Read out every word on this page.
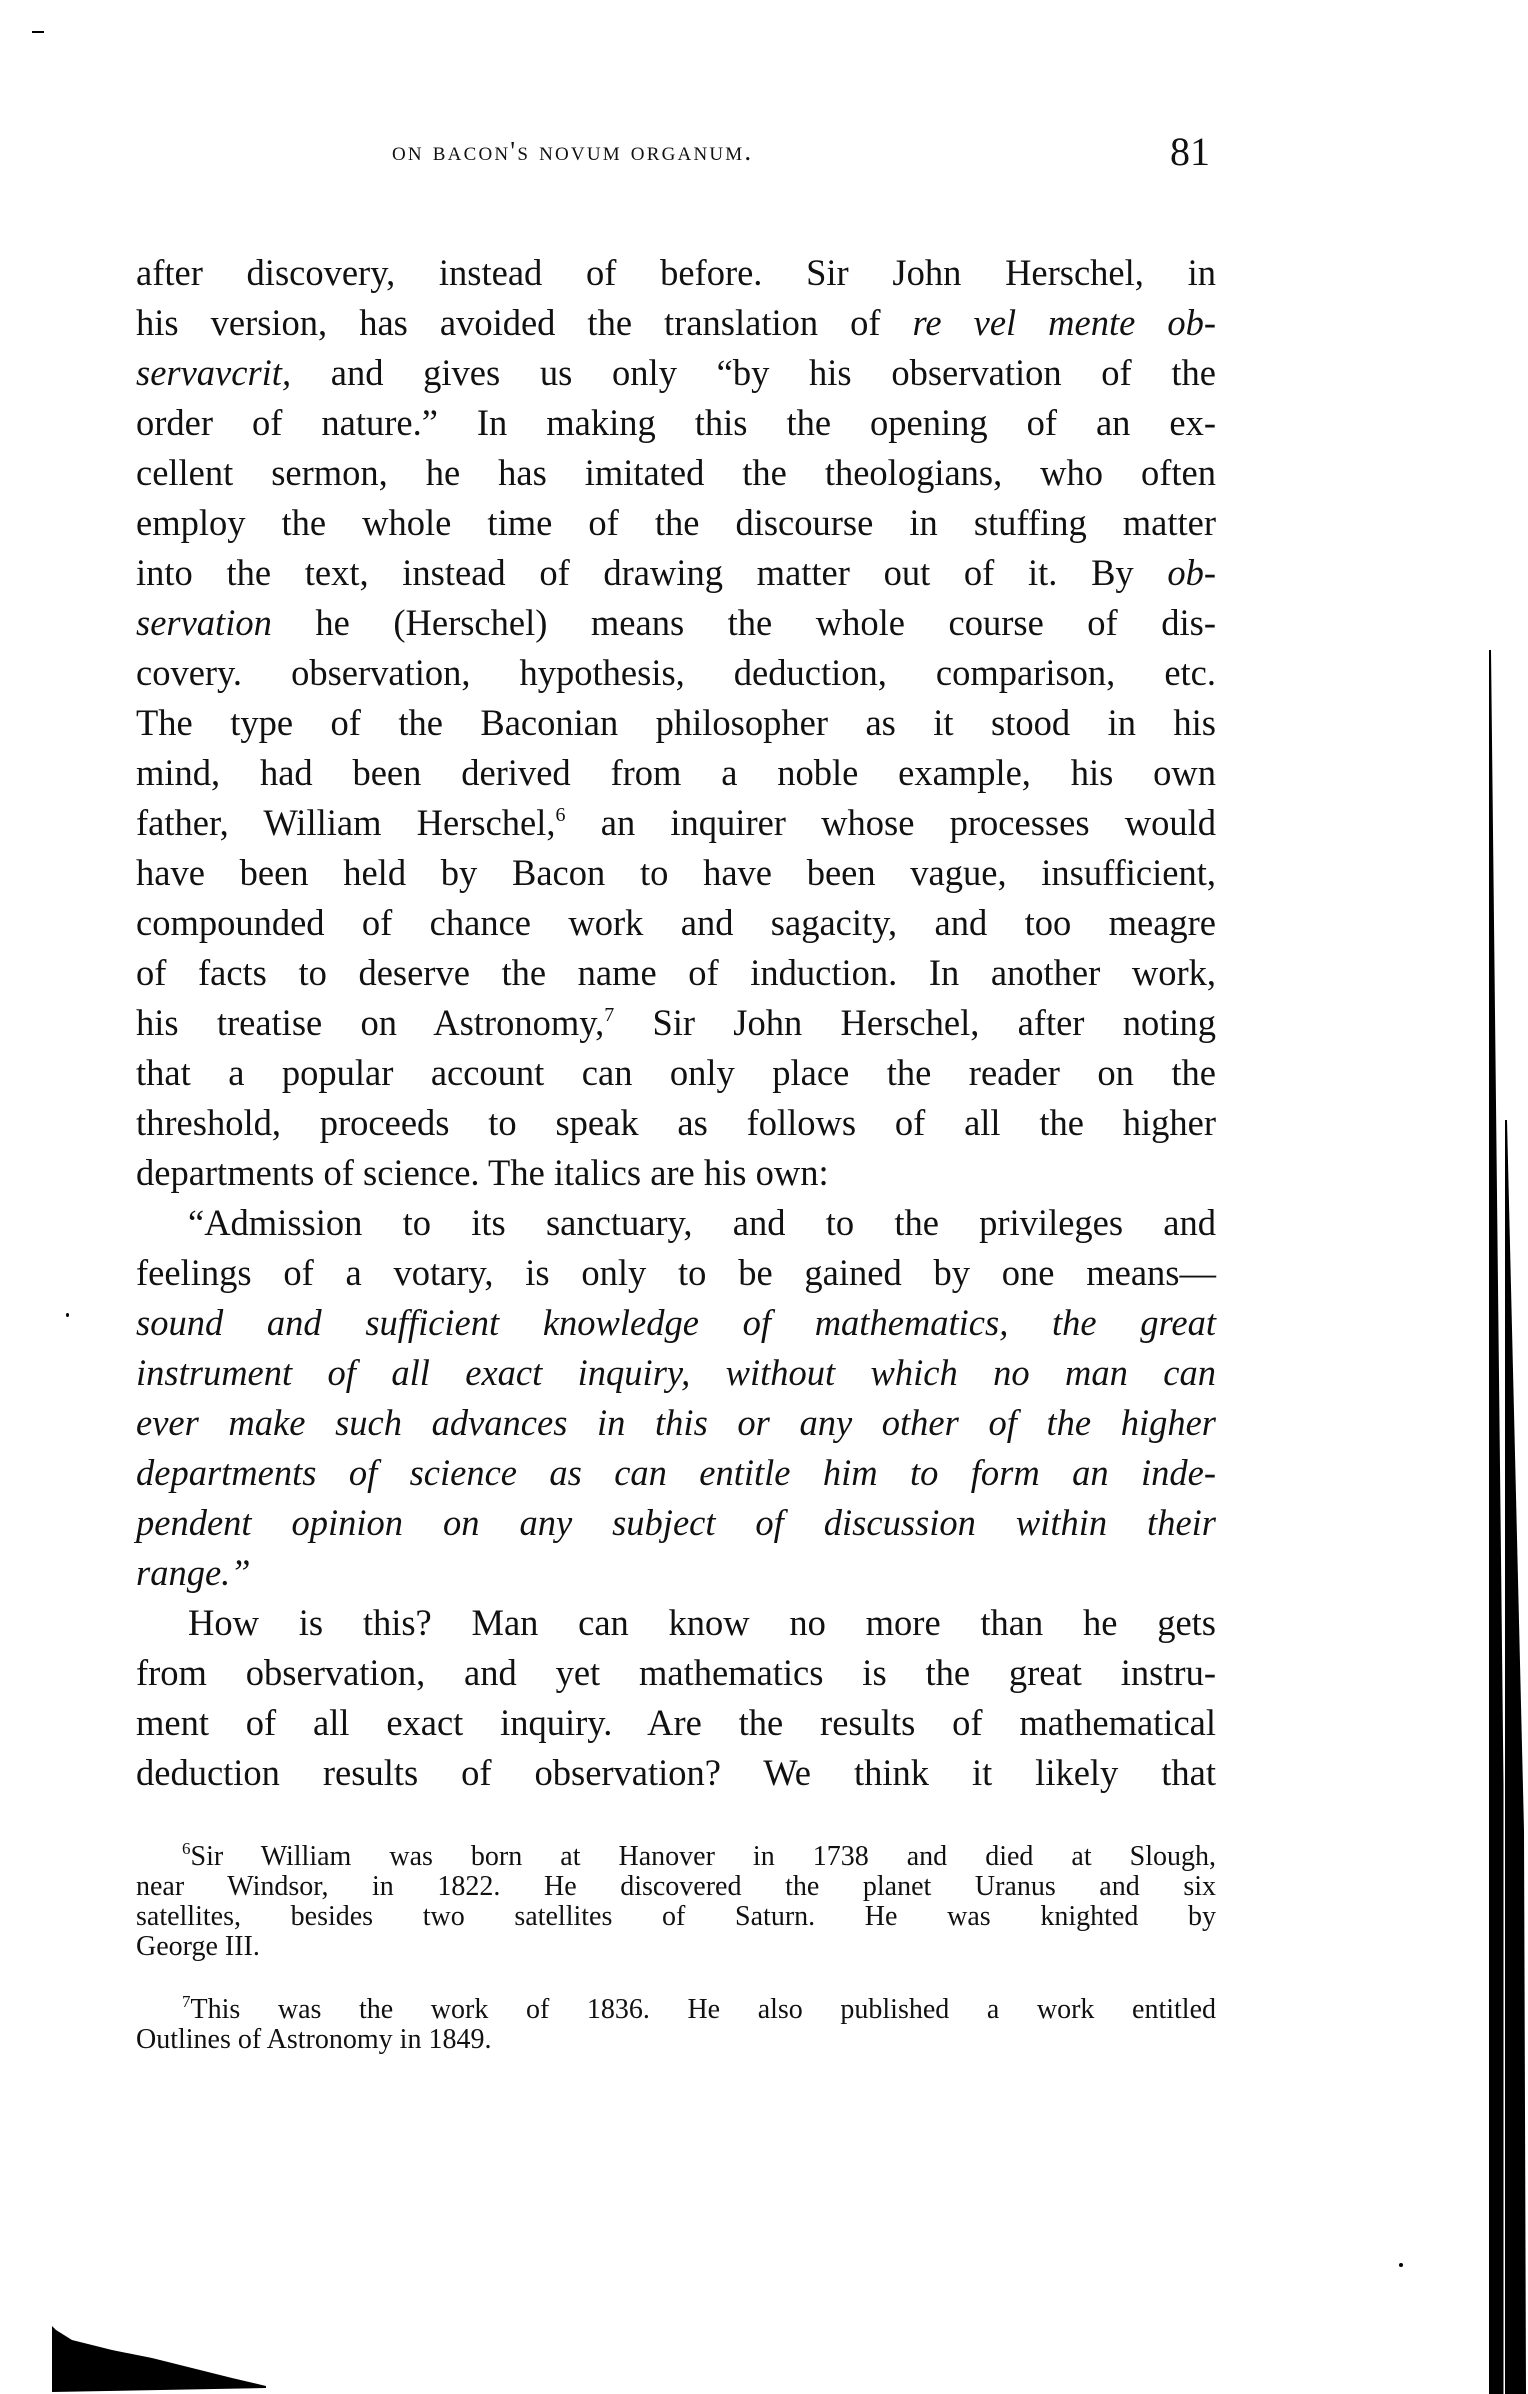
on bacon's novum organum.	81
after discovery, instead of before. Sir John Herschel, in
his version, has avoided the translation of re vel mente ob-
servavcrit, and gives us only “by his observation of the
order of nature.” In making this the opening of an ex-
cellent sermon, he has imitated the theologians, who often
employ the whole time of the discourse in stuffing matter
into the text, instead of drawing matter out of it. By ob-
servation he (Herschel) means the whole course of dis-
covery. observation, hypothesis, deduction, comparison, etc.
The type of the Baconian philosopher as it stood in his
mind, had been derived from a noble example, his own
father, William Herschel,$^6$ an inquirer whose processes would
have been held by Bacon to have been vague, insufficient,
compounded of chance work and sagacity, and too meagre
of facts to deserve the name of induction. In another work,
his treatise on Astronomy,$^7$ Sir John Herschel, after noting
that a popular account can only place the reader on the
threshold, proceeds to speak as follows of all the higher
departments of science. The italics are his own:
“Admission to its sanctuary, and to the privileges and
feelings of a votary, is only to be gained by one means—
sound and sufficient knowledge of mathematics, the great
instrument of all exact inquiry, without which no man can
ever make such advances in this or any other of the higher
departments of science as can entitle him to form an inde-
pendent opinion on any subject of discussion within their
range.”
How is this? Man can know no more than he gets
from observation, and yet mathematics is the great instru-
ment of all exact inquiry. Are the results of mathematical
deduction results of observation? We think it likely that
$^6$Sir William was born at Hanover in 1738 and died at Slough,
near Windsor, in 1822. He discovered the planet Uranus and six
satellites, besides two satellites of Saturn. He was knighted by
George III.
$^7$This was the work of 1836. He also published a work entitled
Outlines of Astronomy in 1849.
